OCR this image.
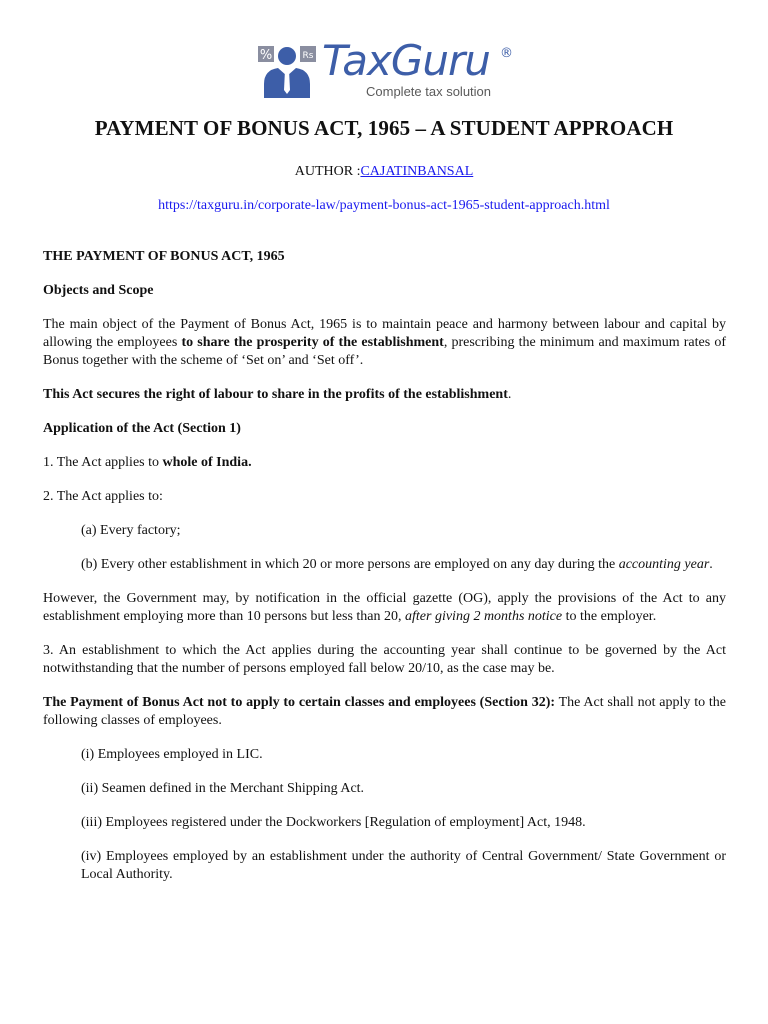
%	Rs TaxGuru ®
Complete tax solution
PAYMENT OF BONUS ACT, 1965 – A STUDENT APPROACH
AUTHOR :CAJATINBANSAL
https://taxguru.in/corporate-law/payment-bonus-act-1965-student-approach.html

THE PAYMENT OF BONUS ACT, 1965

Objects and Scope

The main object of the Payment of Bonus Act, 1965 is to maintain peace and harmony between labour and capital by allowing the employees to share the prosperity of the establishment, prescribing the minimum and maximum rates of Bonus together with the scheme of ‘Set on’ and ‘Set off’.

This Act secures the right of labour to share in the profits of the establishment.

Application of the Act (Section 1)

1. The Act applies to whole of India.

2. The Act applies to:

(a) Every factory;

(b) Every other establishment in which 20 or more persons are employed on any day during the accounting year.

However, the Government may, by notification in the official gazette (OG), apply the provisions of the Act to any establishment employing more than 10 persons but less than 20, after giving 2 months notice to the employer.

3. An establishment to which the Act applies during the accounting year shall continue to be governed by the Act notwithstanding that the number of persons employed fall below 20/10, as the case may be.

The Payment of Bonus Act not to apply to certain classes and employees (Section 32): The Act shall not apply to the following classes of employees.

(i) Employees employed in LIC.

(ii) Seamen defined in the Merchant Shipping Act.

(iii) Employees registered under the Dockworkers [Regulation of employment] Act, 1948.

(iv) Employees employed by an establishment under the authority of Central Government/ State Government or Local Authority.
